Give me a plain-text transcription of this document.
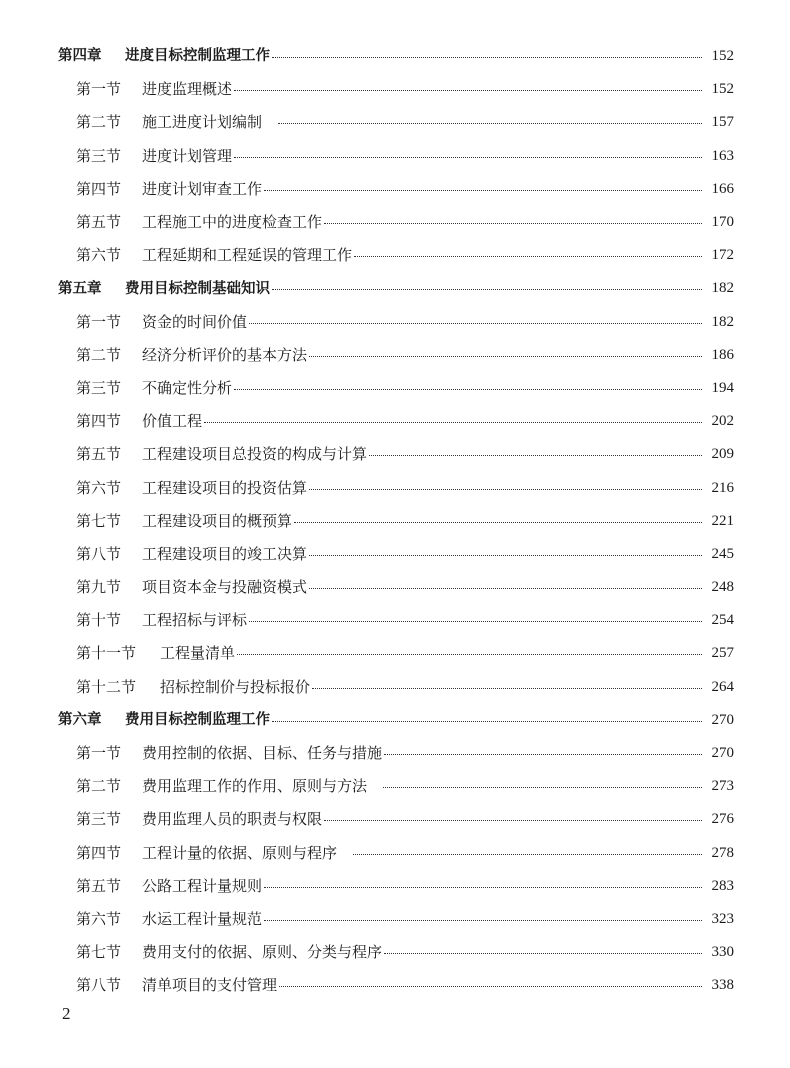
第四章	进度目标控制监理工作	152
第一节	进度监理概述	152
第二节	施工进度计划编制	157
第三节	进度计划管理	163
第四节	进度计划审查工作	166
第五节	工程施工中的进度检查工作	170
第六节	工程延期和工程延误的管理工作	172
第五章	费用目标控制基础知识	182
第一节	资金的时间价值	182
第二节	经济分析评价的基本方法	186
第三节	不确定性分析	194
第四节	价值工程	202
第五节	工程建设项目总投资的构成与计算	209
第六节	工程建设项目的投资估算	216
第七节	工程建设项目的概预算	221
第八节	工程建设项目的竣工决算	245
第九节	项目资本金与投融资模式	248
第十节	工程招标与评标	254
第十一节	工程量清单	257
第十二节	招标控制价与投标报价	264
第六章	费用目标控制监理工作	270
第一节	费用控制的依据、目标、任务与措施	270
第二节	费用监理工作的作用、原则与方法	273
第三节	费用监理人员的职责与权限	276
第四节	工程计量的依据、原则与程序	278
第五节	公路工程计量规则	283
第六节	水运工程计量规范	323
第七节	费用支付的依据、原则、分类与程序	330
第八节	清单项目的支付管理	338
2
